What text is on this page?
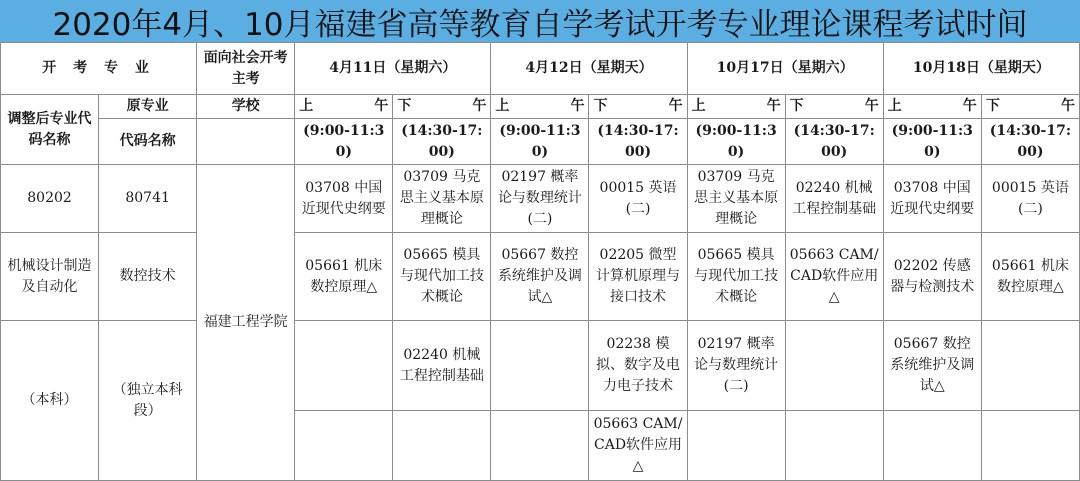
2020年4月、10月福建省高等教育自学考试开考专业理论课程考试时间
开 考 专 业		面向社会开考主考	4月11日（星期六）		4月12日（星期天）		10月17日（星期六）		10月18日（星期天）	
调整后专业代码名称	原专业	学校	上午	下午	上午	下午	上午	下午	上午	下午
	代码名称		(9:00-11:30)	(14:30-17:00)	(9:00-11:30)	(14:30-17:00)	(9:00-11:30)	(14:30-17:00)	(9:00-11:30)	(14:30-17:00)
80202	80741	福建工程学院	03708 中国近现代史纲要	03709 马克思主义基本原理概论	02197 概率论与数理统计(二)	00015 英语(二)	03709 马克思主义基本原理概论	02240 机械工程控制基础	03708 中国近现代史纲要	00015 英语(二)
机械设计制造及自动化	数控技术		05661 机床数控原理△	05665 模具与现代加工技术概论	05667 数控系统维护及调试△	02205 微型计算机原理与接口技术	05665 模具与现代加工技术概论	05663 CAM/CAD软件应用△	02202 传感器与检测技术	05661 机床数控原理△
（本科）	（独立本科段）			02240 机械工程控制基础		02238 模拟、数字及电力电子技术	02197 概率论与数理统计(二)		05667 数控系统维护及调试△	
						05663 CAM/CAD软件应用△				
